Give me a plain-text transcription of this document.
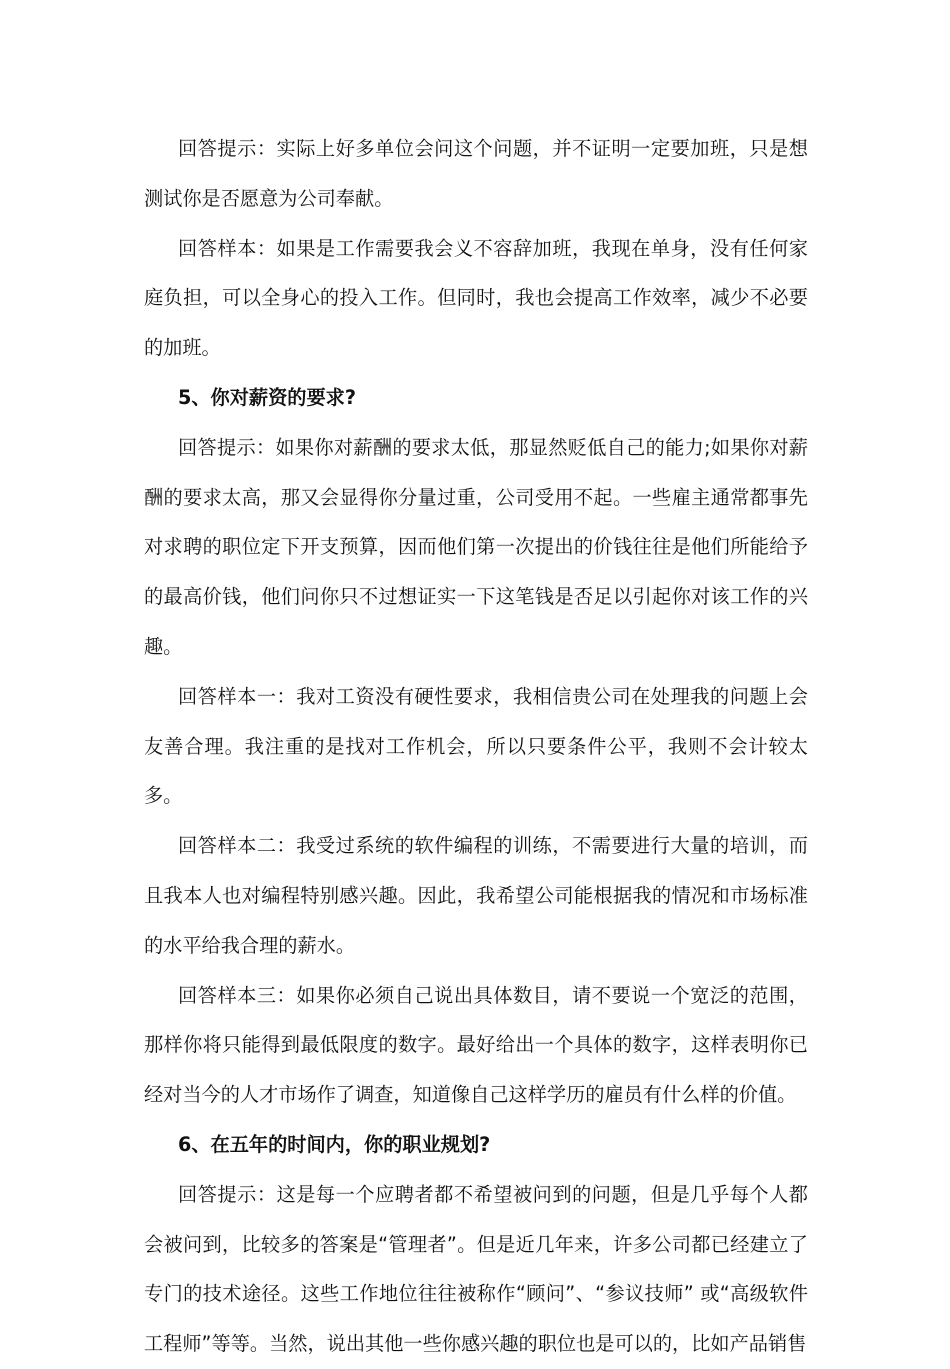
回答提示：实际上好多单位会问这个问题，并不证明一定要加班，只是想测试你是否愿意为公司奉献。

回答样本：如果是工作需要我会义不容辞加班，我现在单身，没有任何家庭负担，可以全身心的投入工作。但同时，我也会提高工作效率，减少不必要的加班。

5、你对薪资的要求?

回答提示：如果你对薪酬的要求太低，那显然贬低自己的能力;如果你对薪酬的要求太高，那又会显得你分量过重，公司受用不起。一些雇主通常都事先对求聘的职位定下开支预算，因而他们第一次提出的价钱往往是他们所能给予的最高价钱，他们问你只不过想证实一下这笔钱是否足以引起你对该工作的兴趣。

回答样本一：我对工资没有硬性要求，我相信贵公司在处理我的问题上会友善合理。我注重的是找对工作机会，所以只要条件公平，我则不会计较太多。

回答样本二：我受过系统的软件编程的训练，不需要进行大量的培训，而且我本人也对编程特别感兴趣。因此，我希望公司能根据我的情况和市场标准的水平给我合理的薪水。

回答样本三：如果你必须自己说出具体数目，请不要说一个宽泛的范围，那样你将只能得到最低限度的数字。最好给出一个具体的数字，这样表明你已经对当今的人才市场作了调查，知道像自己这样学历的雇员有什么样的价值。

6、在五年的时间内，你的职业规划?

回答提示：这是每一个应聘者都不希望被问到的问题，但是几乎每个人都会被问到，比较多的答案是“管理者”。但是近几年来，许多公司都已经建立了专门的技术途径。这些工作地位往往被称作“顾问”、“参议技师” 或“高级软件工程师”等等。当然，说出其他一些你感兴趣的职位也是可以的，比如产品销售
